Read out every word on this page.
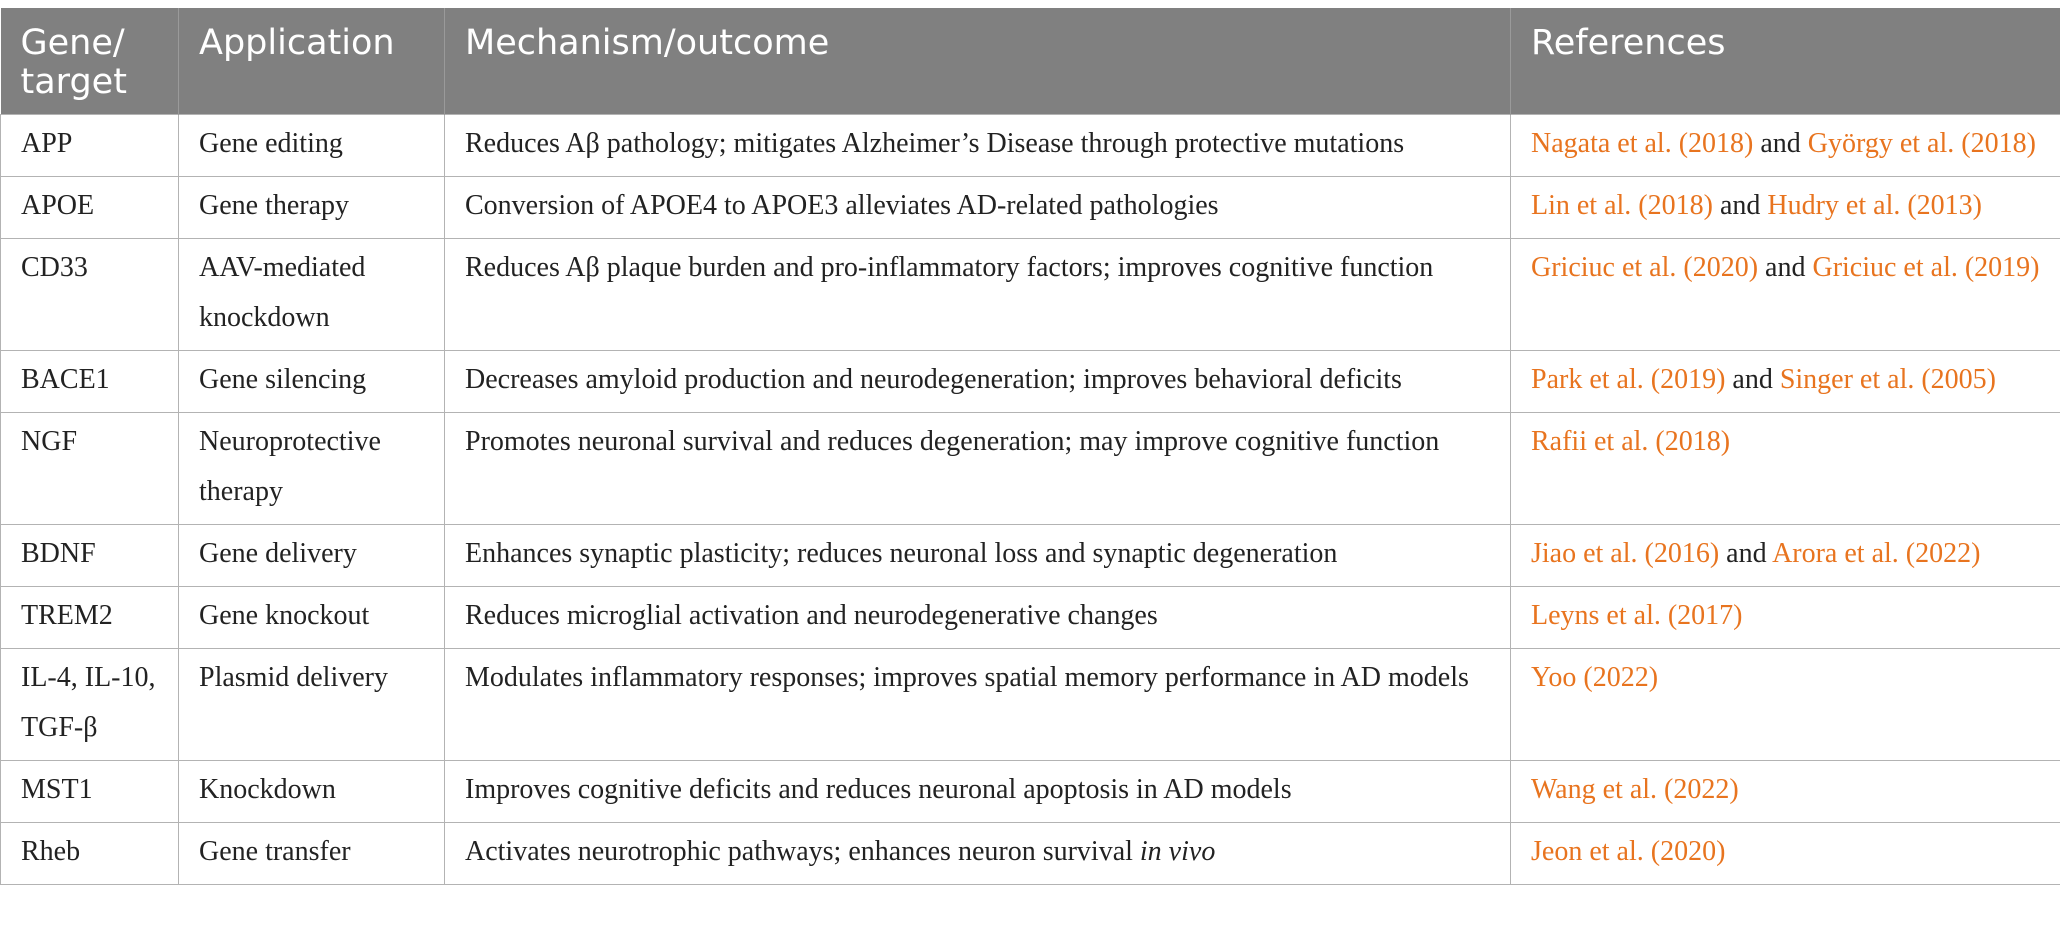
Gene/
target	Application	Mechanism/outcome	References
APP	Gene editing	Reduces Aβ pathology; mitigates Alzheimer’s Disease through protective mutations	Nagata et al. (2018) and György et al. (2018)
APOE	Gene therapy	Conversion of APOE4 to APOE3 alleviates AD-related pathologies	Lin et al. (2018) and Hudry et al. (2013)
CD33	AAV-mediated knockdown	Reduces Aβ plaque burden and pro-inflammatory factors; improves cognitive function	Griciuc et al. (2020) and Griciuc et al. (2019)
BACE1	Gene silencing	Decreases amyloid production and neurodegeneration; improves behavioral deficits	Park et al. (2019) and Singer et al. (2005)
NGF	Neuroprotective therapy	Promotes neuronal survival and reduces degeneration; may improve cognitive function	Rafii et al. (2018)
BDNF	Gene delivery	Enhances synaptic plasticity; reduces neuronal loss and synaptic degeneration	Jiao et al. (2016) and Arora et al. (2022)
TREM2	Gene knockout	Reduces microglial activation and neurodegenerative changes	Leyns et al. (2017)
IL-4, IL-10, TGF-β	Plasmid delivery	Modulates inflammatory responses; improves spatial memory performance in AD models	Yoo (2022)
MST1	Knockdown	Improves cognitive deficits and reduces neuronal apoptosis in AD models	Wang et al. (2022)
Rheb	Gene transfer	Activates neurotrophic pathways; enhances neuron survival in vivo	Jeon et al. (2020)
